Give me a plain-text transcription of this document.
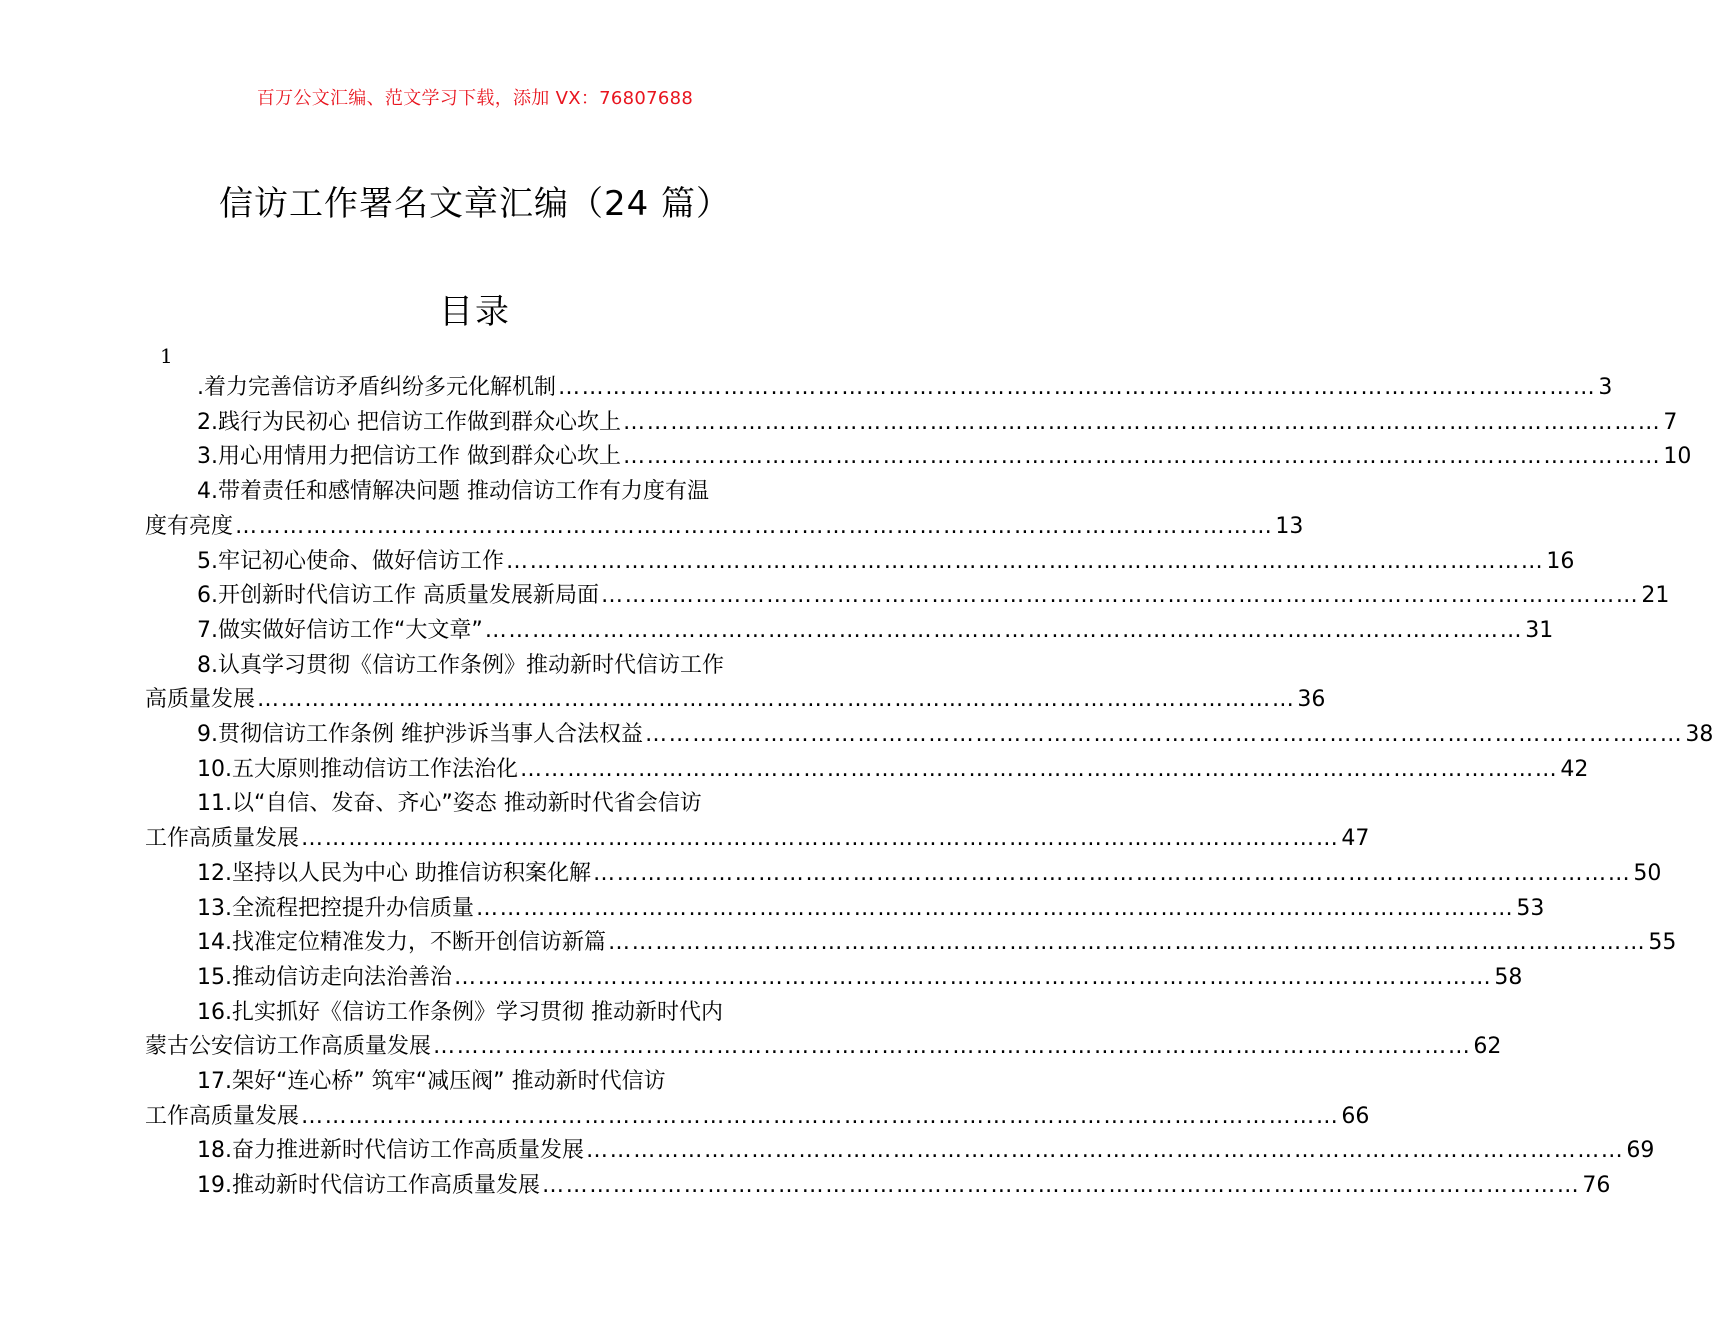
百万公文汇编、范文学习下载，添加 VX：76807688
信访工作署名文章汇编（24 篇）
目录
1
.着力完善信访矛盾纠纷多元化解机制 …………………………………………………………………………………………………………………… 3
2.践行为民初心 把信访工作做到群众心坎上 …………………………………………………………………………………………………………………… 7
3.用心用情用力把信访工作 做到群众心坎上 …………………………………………………………………………………………………………………… 10
4.带着责任和感情解决问题 推动信访工作有力度有温
度有亮度 …………………………………………………………………………………………………………………… 13
5.牢记初心使命、做好信访工作 …………………………………………………………………………………………………………………… 16
6.开创新时代信访工作 高质量发展新局面 …………………………………………………………………………………………………………………… 21
7.做实做好信访工作“大文章” …………………………………………………………………………………………………………………… 31
8.认真学习贯彻《信访工作条例》推动新时代信访工作
高质量发展 …………………………………………………………………………………………………………………… 36
9.贯彻信访工作条例 维护涉诉当事人合法权益 …………………………………………………………………………………………………………………… 38
10.五大原则推动信访工作法治化 …………………………………………………………………………………………………………………… 42
11.以“自信、发奋、齐心”姿态 推动新时代省会信访
工作高质量发展 …………………………………………………………………………………………………………………… 47
12.坚持以人民为中心 助推信访积案化解 …………………………………………………………………………………………………………………… 50
13.全流程把控提升办信质量 …………………………………………………………………………………………………………………… 53
14.找准定位精准发力，不断开创信访新篇 …………………………………………………………………………………………………………………… 55
15.推动信访走向法治善治 …………………………………………………………………………………………………………………… 58
16.扎实抓好《信访工作条例》学习贯彻 推动新时代内
蒙古公安信访工作高质量发展 …………………………………………………………………………………………………………………… 62
17.架好“连心桥” 筑牢“减压阀” 推动新时代信访
工作高质量发展 …………………………………………………………………………………………………………………… 66
18.奋力推进新时代信访工作高质量发展 …………………………………………………………………………………………………………………… 69
19.推动新时代信访工作高质量发展 …………………………………………………………………………………………………………………… 76
